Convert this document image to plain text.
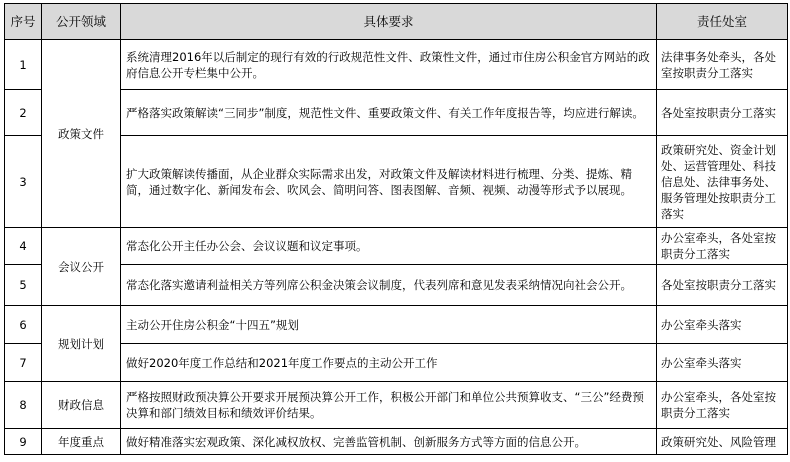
序号	公开领域	具体要求	责任处室
1	政策文件	系统清理2016年以后制定的现行有效的行政规范性文件、政策性文件，通过市住房公积金官方网站的政府信息公开专栏集中公开。	法律事务处牵头，各处室按职责分工落实
2		严格落实政策解读“三同步”制度，规范性文件、重要政策文件、有关工作年度报告等，均应进行解读。	各处室按职责分工落实
3		扩大政策解读传播面，从企业群众实际需求出发，对政策文件及解读材料进行梳理、分类、提炼、精简，通过数字化、新闻发布会、吹风会、简明问答、图表图解、音频、视频、动漫等形式予以展现。	政策研究处、资金计划处、运营管理处、科技信息处、法律事务处、服务管理处按职责分工落实
4	会议公开	常态化公开主任办公会、会议议题和议定事项。	办公室牵头，各处室按职责分工落实
5		常态化落实邀请利益相关方等列席公积金决策会议制度，代表列席和意见发表采纳情况向社会公开。	各处室按职责分工落实
6	规划计划	主动公开住房公积金“十四五”规划	办公室牵头落实
7		做好2020年度工作总结和2021年度工作要点的主动公开工作	办公室牵头落实
8	财政信息	严格按照财政预决算公开要求开展预决算公开工作，积极公开部门和单位公共预算收支、“三公”经费预决算和部门绩效目标和绩效评价结果。	办公室牵头，各处室按职责分工落实
9	年度重点	做好精准落实宏观政策、深化减权放权、完善监管机制、创新服务方式等方面的信息公开。	政策研究处、风险管理
